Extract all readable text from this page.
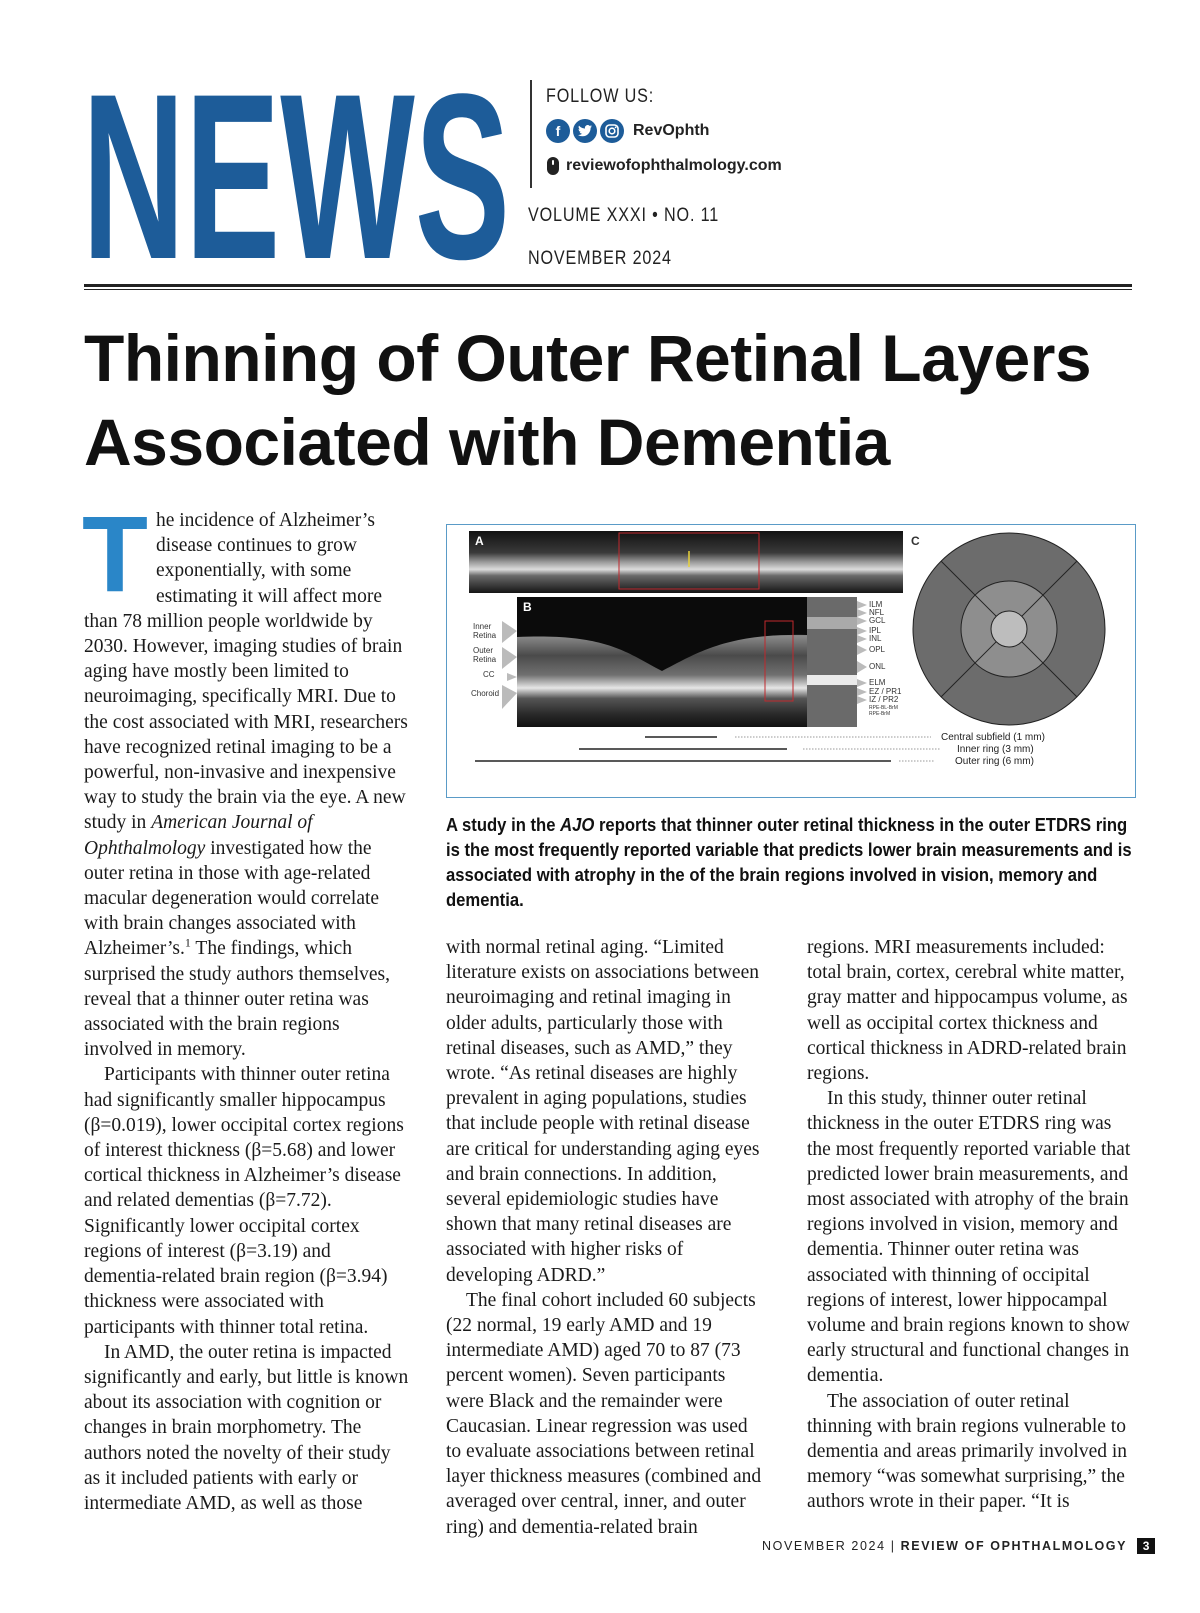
NEWS FOLLOW US:
f	RevOphth
reviewofophthalmology.com
VOLUME XXXI • NO. 11
NOVEMBER 2024
Thinning of Outer Retinal Layers
Associated with Dementia

The incidence of Alzheimer’s disease continues to grow exponentially, with some estimating it will affect more than 78 million people worldwide by 2030. However, imaging studies of brain aging have mostly been limited to neuroimaging, specifically MRI. Due to the cost associated with MRI, researchers have recognized retinal imaging to be a powerful, non-invasive and inexpensive way to study the brain via the eye. A new study in American Journal of Ophthalmology investigated how the outer retina in those with age-related macular degeneration would correlate with brain changes associated with Alzheimer’s.$^1$ The findings, which surprised the study authors themselves, reveal that a thinner outer retina was associated with the brain regions involved in memory.

Participants with thinner outer retina had significantly smaller hippocampus (β=0.019), lower occipital cortex regions of interest thickness (β=5.68) and lower cortical thickness in Alzheimer’s disease and related dementias (β=7.72). Significantly lower occipital cortex regions of interest (β=3.19) and dementia-related brain region (β=3.94) thickness were associated with participants with thinner total retina.

In AMD, the outer retina is impacted significantly and early, but little is known about its association with cognition or changes in brain morphometry. The authors noted the novelty of their study as it included patients with early or intermediate AMD, as well as those

A
B
Inner
Retina
Outer
Retina
CC
Choroid
ILM
NFL
GCL
IPL
INL
OPL
ONL
ELM
EZ / PR1
IZ / PR2
RPE-BL-BrM
RPE-BrM
C
Central subfield (1 mm)
Inner ring (3 mm)
Outer ring (6 mm)
A study in the AJO reports that thinner outer retinal thickness in the outer ETDRS ring is the most frequently reported variable that predicts lower brain measurements and is associated with atrophy in the of the brain regions involved in vision, memory and dementia.

with normal retinal aging. “Limited literature exists on associations between neuroimaging and retinal imaging in older adults, particularly those with retinal diseases, such as AMD,” they wrote. “As retinal diseases are highly prevalent in aging populations, studies that include people with retinal disease are critical for understanding aging eyes and brain connections. In addition, several epidemiologic studies have shown that many retinal diseases are associated with higher risks of developing ADRD.”

The final cohort included 60 subjects (22 normal, 19 early AMD and 19 intermediate AMD) aged 70 to 87 (73 percent women). Seven participants were Black and the remainder were Caucasian. Linear regression was used to evaluate associations between retinal layer thickness measures (combined and averaged over central, inner, and outer ring) and dementia-related brain

regions. MRI measurements included: total brain, cortex, cerebral white matter, gray matter and hippocampus volume, as well as occipital cortex thickness and cortical thickness in ADRD-related brain regions.

In this study, thinner outer retinal thickness in the outer ETDRS ring was the most frequently reported variable that predicted lower brain measurements, and most associated with atrophy of the brain regions involved in vision, memory and dementia. Thinner outer retina was associated with thinning of occipital regions of interest, lower hippocampal volume and brain regions known to show early structural and functional changes in dementia.

The association of outer retinal thinning with brain regions vulnerable to dementia and areas primarily involved in memory “was somewhat surprising,” the authors wrote in their paper. “It is

NOVEMBER 2024
|
REVIEW OF OPHTHALMOLOGY	3
